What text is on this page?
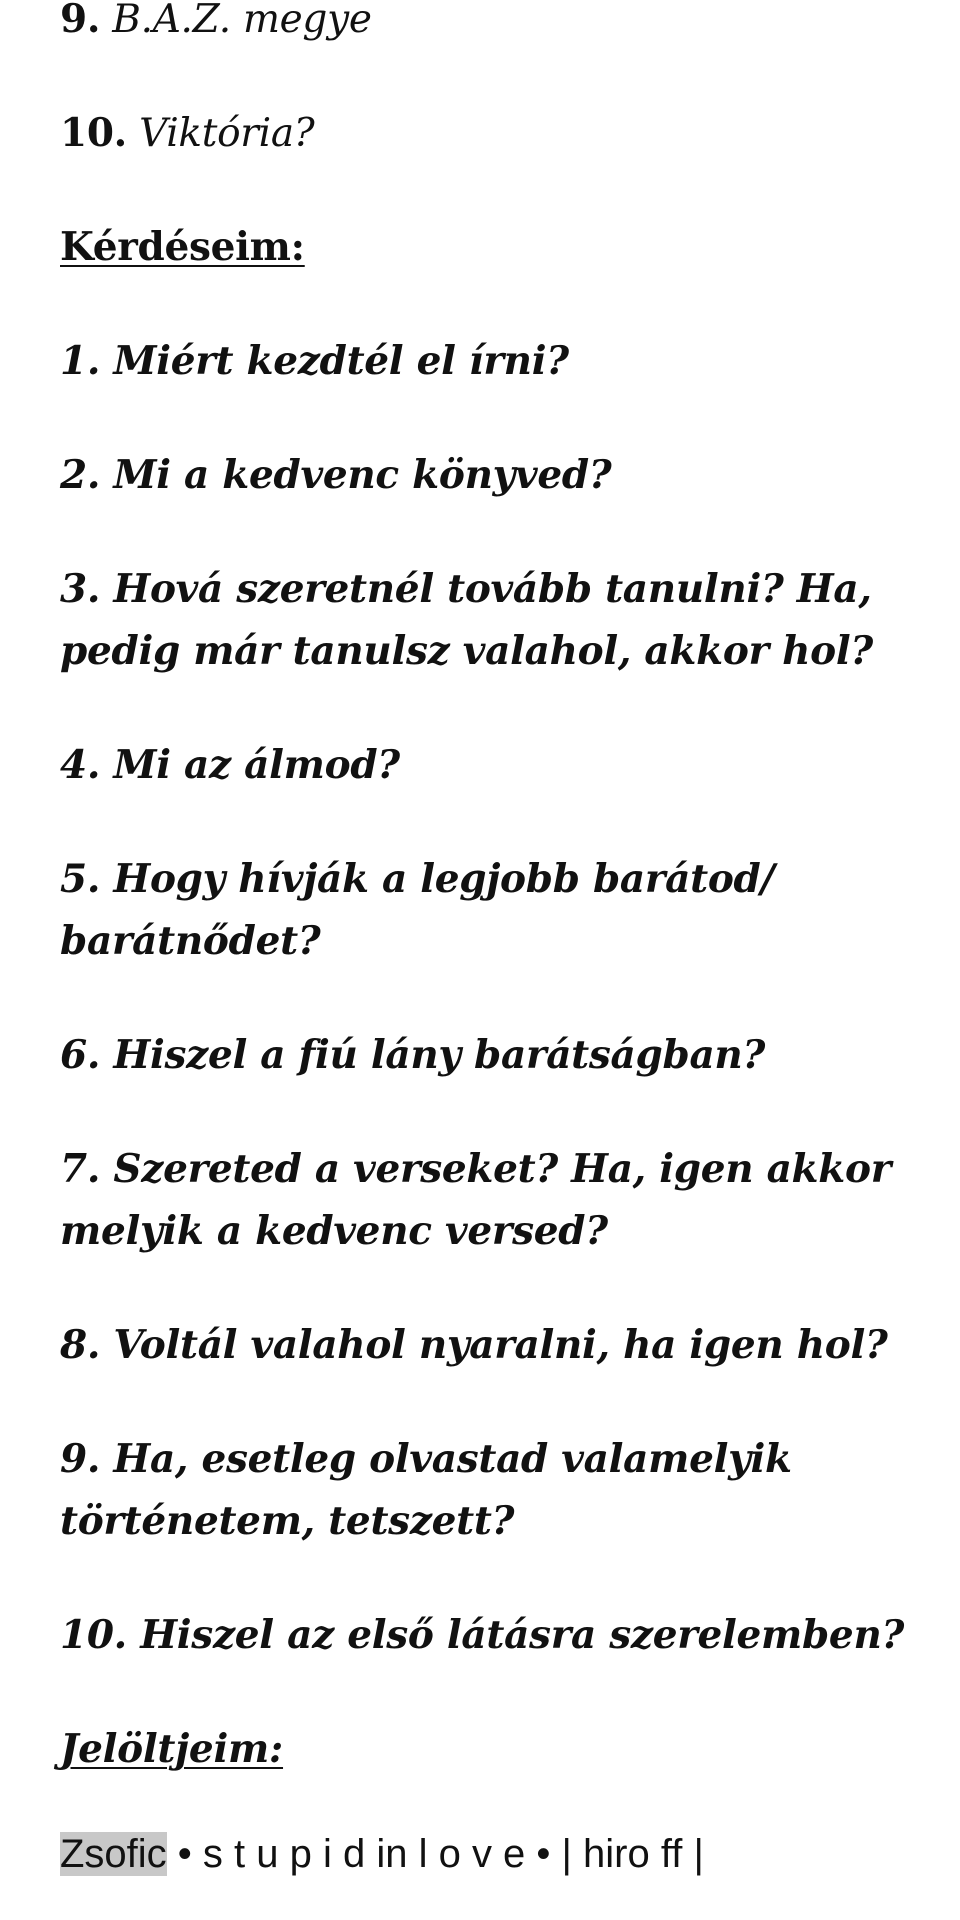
9. B.A.Z. megye
10. Viktória?
Kérdéseim:
1. Miért kezdtél el írni?
2. Mi a kedvenc könyved?
3. Hová szeretnél tovább tanulni? Ha,
pedig már tanulsz valahol, akkor hol?
4. Mi az álmod?
5. Hogy hívják a legjobb barátod/
barátnődet?
6. Hiszel a fiú lány barátságban?
7. Szereted a verseket? Ha, igen akkor
melyik a kedvenc versed?
8. Voltál valahol nyaralni, ha igen hol?
9. Ha, esetleg olvastad valamelyik
történetem, tetszett?
10. Hiszel az első látásra szerelemben?
Jelöltjeim:
Zsofic • s t u p i d in l o v e • | hiro ff |
